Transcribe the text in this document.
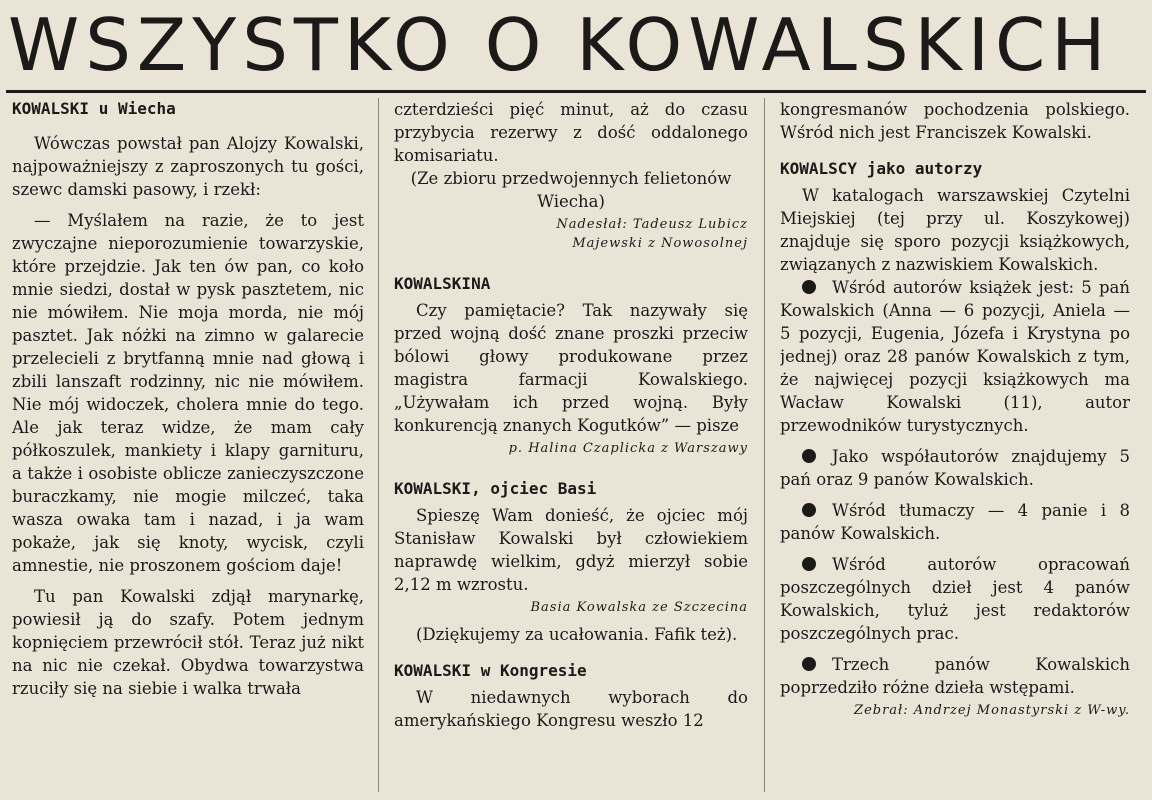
WSZYSTKO O KOWALSKICH
KOWALSKI u Wiecha

Wówczas powstał pan Alojzy Kowalski, najpoważniejszy z zaproszonych tu gości, szewc damski pasowy, i rzekł:

— Myślałem na razie, że to jest zwyczajne nieporozumienie towarzyskie, które przejdzie. Jak ten ów pan, co koło mnie siedzi, dostał w pysk pasztetem, nic nie mówiłem. Nie moja morda, nie mój pasztet. Jak nóżki na zimno w galarecie przelecieli z brytfanną mnie nad głową i zbili lanszaft rodzinny, nic nie mówiłem. Nie mój widoczek, cholera mnie do tego. Ale jak teraz widze, że mam cały półkoszulek, mankiety i klapy garnituru, a także i osobiste oblicze zanieczyszczone buraczkamy, nie mogie milczeć, taka wasza owaka tam i nazad, i ja wam pokaże, jak się knoty, wycisk, czyli amnestie, nie proszonem gościom daje!

Tu pan Kowalski zdjął marynarkę, powiesił ją do szafy. Potem jednym kopnięciem przewrócił stół. Teraz już nikt na nic nie czekał. Obydwa towarzystwa rzuciły się na siebie i walka trwała

czterdzieści pięć minut, aż do czasu przybycia rezerwy z dość oddalonego komisariatu.

(Ze zbioru przedwojennych felietonów Wiecha)

Nadesłał: Tadeusz Lubicz
Majewski z Nowosolnej
KOWALSKINA

Czy pamiętacie? Tak nazywały się przed wojną dość znane proszki przeciw bólowi głowy produkowane przez magistra farmacji Kowalskiego. „Używałam ich przed wojną. Były konkurencją znanych Kogutków” — pisze

p. Halina Czaplicka z Warszawy
KOWALSKI, ojciec Basi

Spieszę Wam donieść, że ojciec mój Stanisław Kowalski był człowiekiem naprawdę wielkim, gdyż mierzył sobie 2,12 m wzrostu.

Basia Kowalska ze Szczecina

(Dziękujemy za ucałowania. Fafik też).

KOWALSKI w Kongresie

W niedawnych wyborach do amerykańskiego Kongresu weszło 12

kongresmanów pochodzenia polskiego. Wśród nich jest Franciszek Kowalski.

KOWALSCY jako autorzy

W katalogach warszawskiej Czytelni Miejskiej (tej przy ul. Koszykowej) znajduje się sporo pozycji książkowych, związanych z nazwiskiem Kowalskich.

Wśród autorów książek jest: 5 pań Kowalskich (Anna — 6 pozycji, Aniela — 5 pozycji, Eugenia, Józefa i Krystyna po jednej) oraz 28 panów Kowalskich z tym, że najwięcej pozycji książkowych ma Wacław Kowalski (11), autor przewodników turystycznych.

Jako współautorów znajdujemy 5 pań oraz 9 panów Kowalskich.

Wśród tłumaczy — 4 panie i 8 panów Kowalskich.

Wśród autorów opracowań poszczególnych dzieł jest 4 panów Kowalskich, tyluż jest redaktorów poszczególnych prac.

Trzech panów Kowalskich poprzedziło różne dzieła wstępami.

Zebrał: Andrzej Monastyrski z W-wy.
